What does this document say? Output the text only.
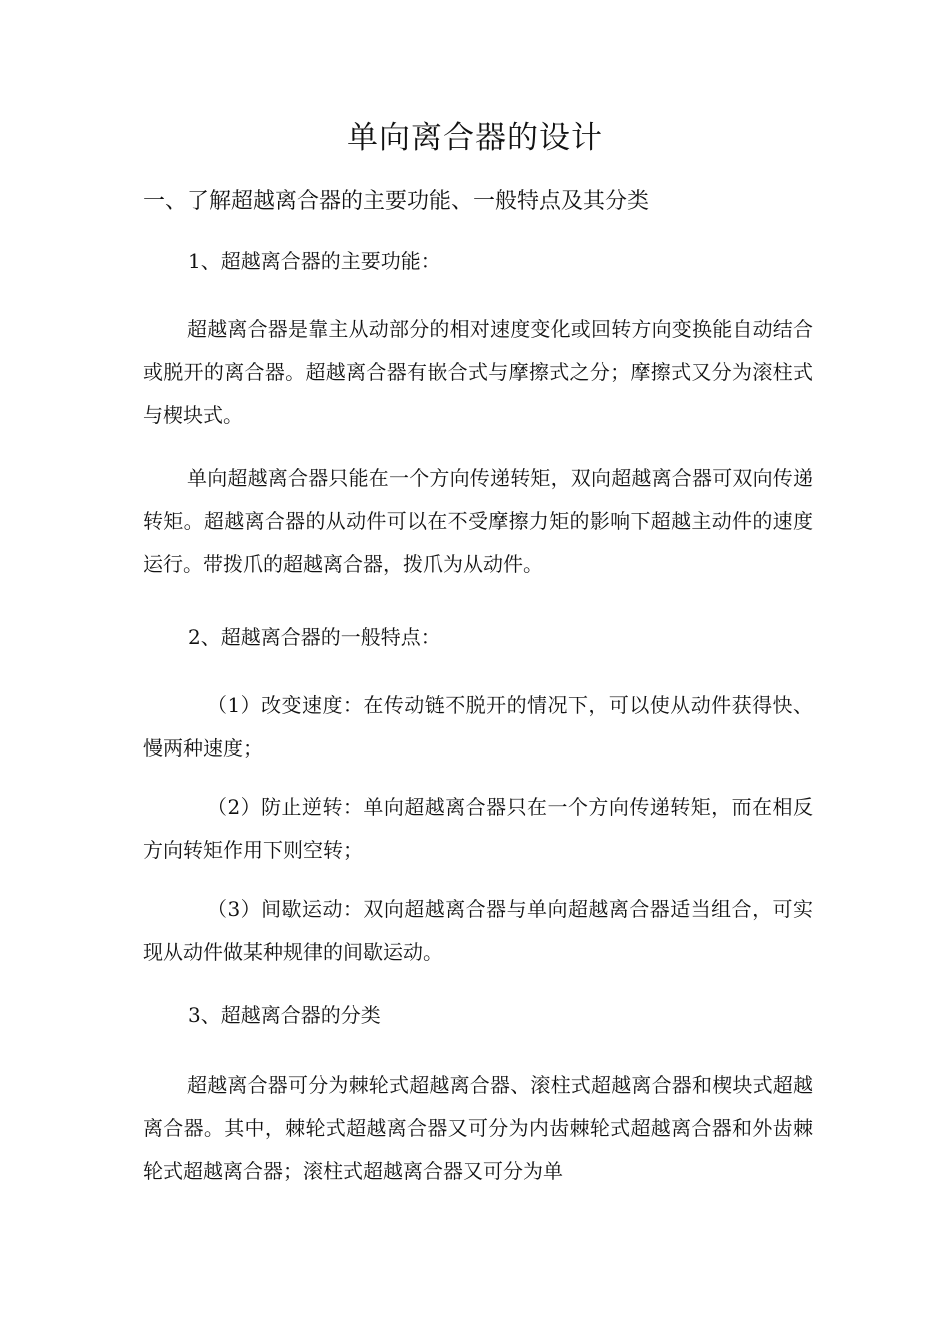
单向离合器的设计
一、了解超越离合器的主要功能、一般特点及其分类
1、超越离合器的主要功能：

超越离合器是靠主从动部分的相对速度变化或回转方向变换能自动结合或脱开的离合器。超越离合器有嵌合式与摩擦式之分；摩擦式又分为滚柱式与楔块式。

单向超越离合器只能在一个方向传递转矩，双向超越离合器可双向传递转矩。超越离合器的从动件可以在不受摩擦力矩的影响下超越主动件的速度运行。带拨爪的超越离合器，拨爪为从动件。

2、超越离合器的一般特点：

（1）改变速度：在传动链不脱开的情况下，可以使从动件获得快、慢两种速度；

（2）防止逆转：单向超越离合器只在一个方向传递转矩，而在相反方向转矩作用下则空转；

（3）间歇运动：双向超越离合器与单向超越离合器适当组合，可实现从动件做某种规律的间歇运动。

3、超越离合器的分类

超越离合器可分为棘轮式超越离合器、滚柱式超越离合器和楔块式超越离合器。其中，棘轮式超越离合器又可分为内齿棘轮式超越离合器和外齿棘轮式超越离合器；滚柱式超越离合器又可分为单
